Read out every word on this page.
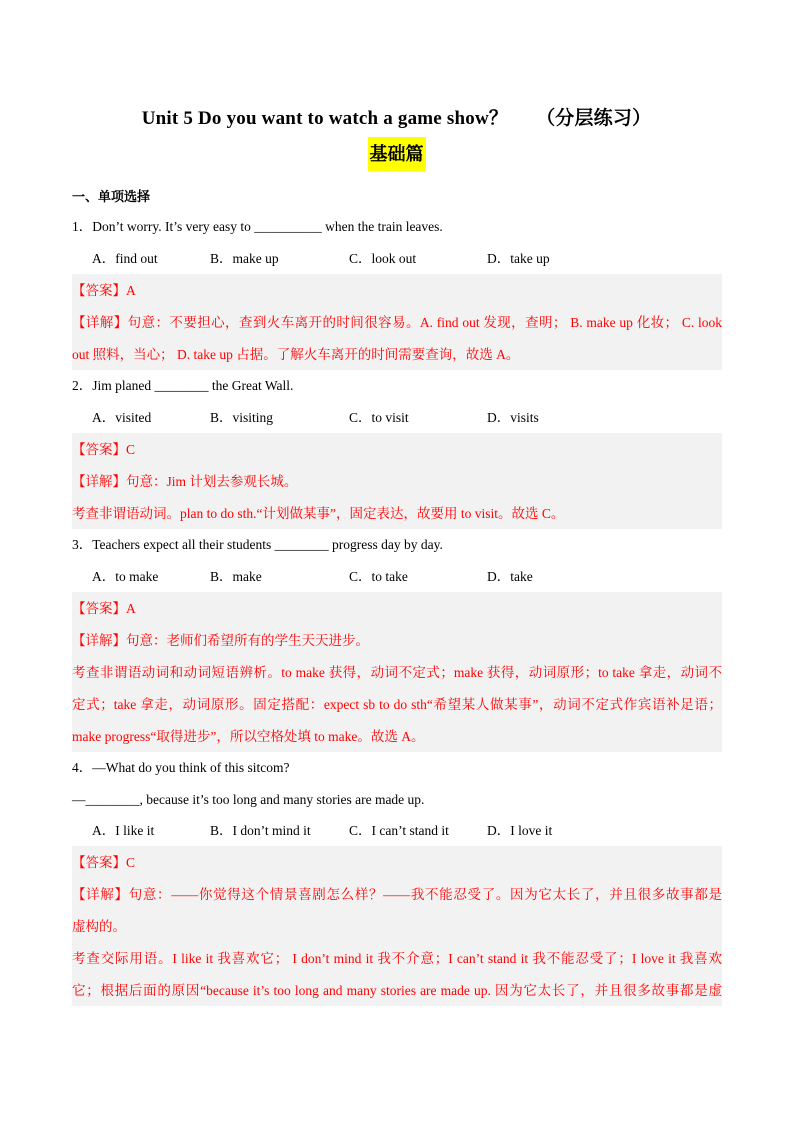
Unit 5 Do you want to watch a game show？ （分层练习）
基础篇
一、单项选择
1．Don’t worry. It’s very easy to __________ when the train leaves.
A．find out	B．make up	C．look out	D．take up
【答案】A
【详解】句意：不要担心，查到火车离开的时间很容易。A. find out 发现，查明； B. make up 化妆； C. look
out 照料，当心； D. take up 占据。了解火车离开的时间需要查询，故选 A。
2．Jim planed ________ the Great Wall.
A．visited	B．visiting	C．to visit	D．visits
【答案】C
【详解】句意：Jim 计划去参观长城。
考查非谓语动词。plan to do sth.“计划做某事”，固定表达，故要用 to visit。故选 C。
3．Teachers expect all their students ________ progress day by day.
A．to make	B．make	C．to take	D．take
【答案】A
【详解】句意：老师们希望所有的学生天天进步。
考查非谓语动词和动词短语辨析。to make 获得，动词不定式；make 获得，动词原形；to take 拿走，动词不
定式；take 拿走，动词原形。固定搭配：expect sb to do sth“希望某人做某事”，动词不定式作宾语补足语；
make progress“取得进步”，所以空格处填 to make。故选 A。
4．—What do you think of this sitcom?
—________, because it’s too long and many stories are made up.
A．I like it	B．I don’t mind it	C．I can’t stand it	D．I love it
【答案】C
【详解】句意：——你觉得这个情景喜剧怎么样？——我不能忍受了。因为它太长了，并且很多故事都是
虚构的。
考查交际用语。I like it 我喜欢它； I don’t mind it 我不介意；I can’t stand it 我不能忍受了；I love it 我喜欢
它；根据后面的原因“because it’s too long and many stories are made up. 因为它太长了，并且很多故事都是虚
